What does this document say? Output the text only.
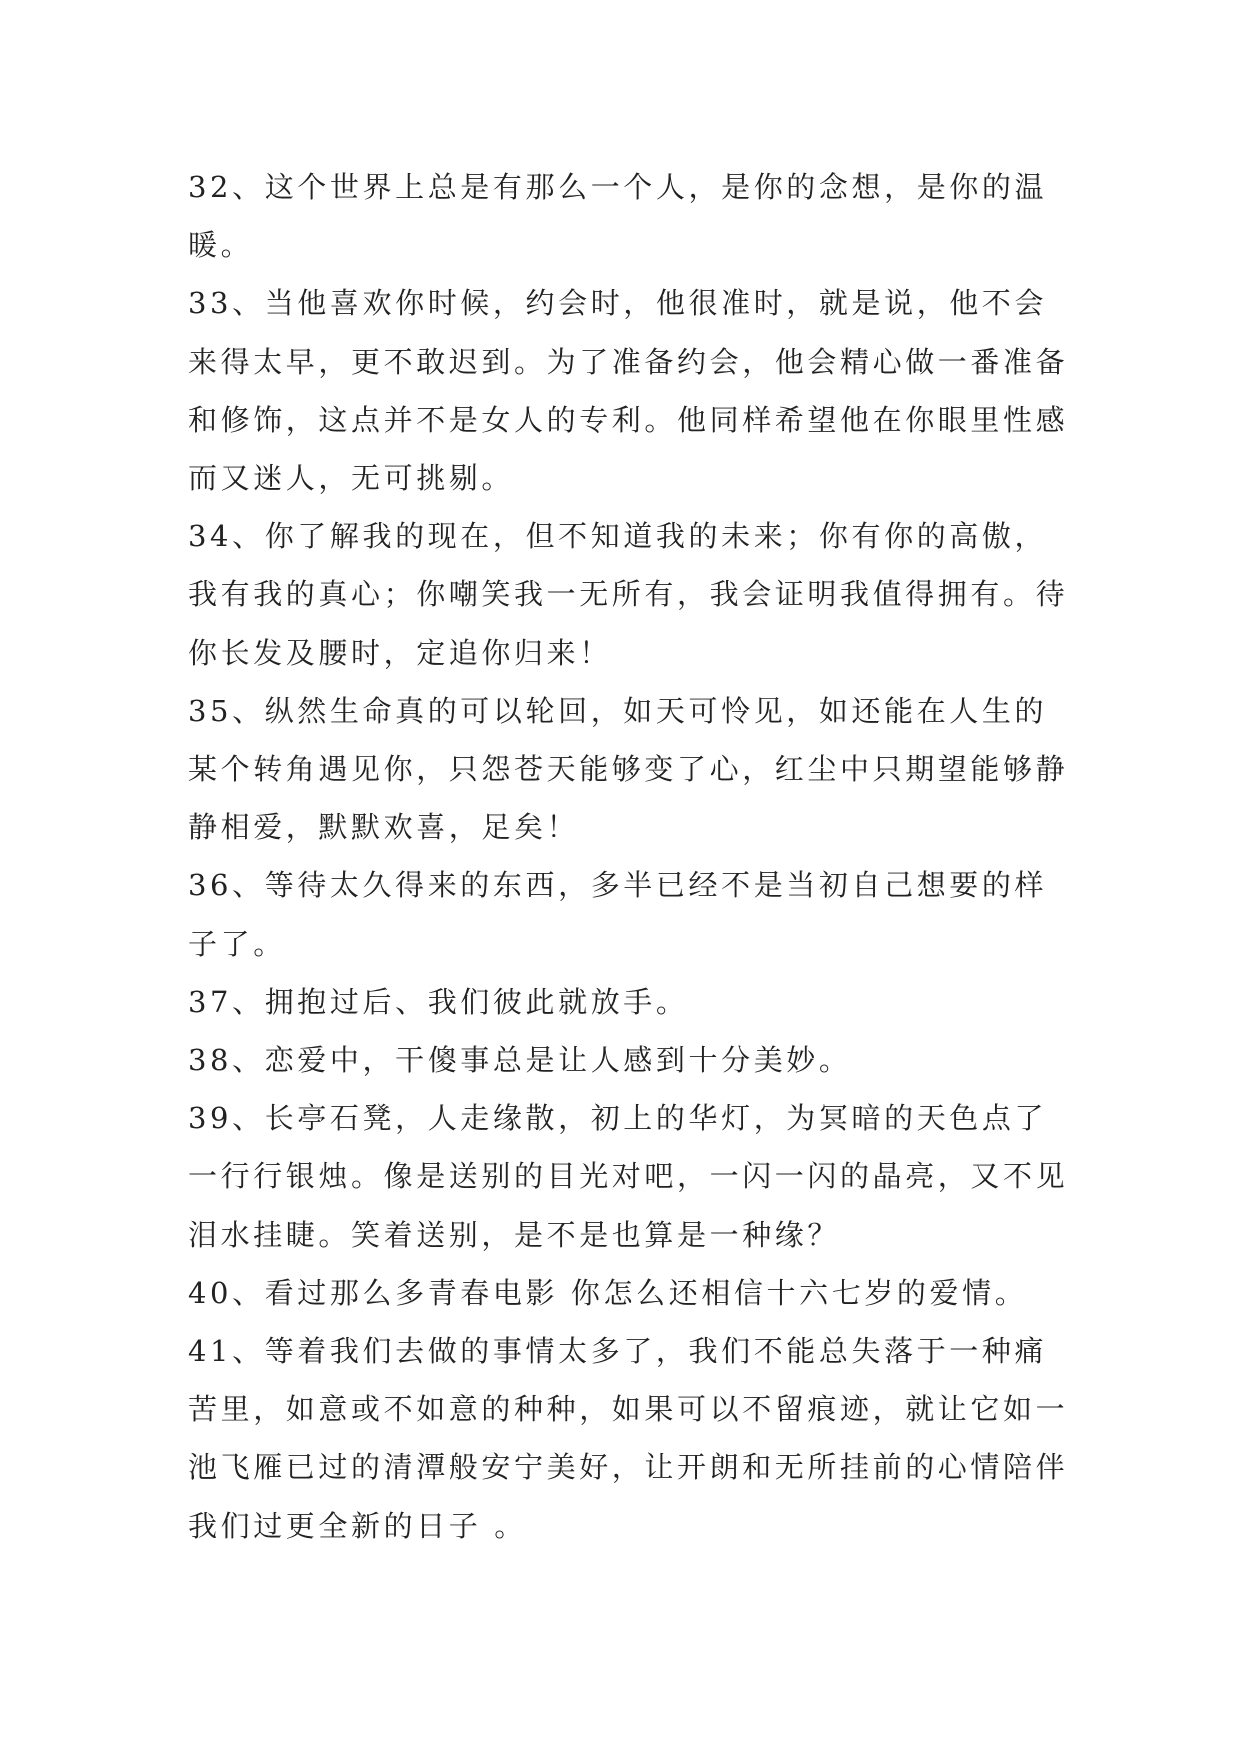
32、这个世界上总是有那么一个人，是你的念想，是你的温暖。

33、当他喜欢你时候，约会时，他很准时，就是说，他不会来得太早，更不敢迟到。为了准备约会，他会精心做一番准备和修饰，这点并不是女人的专利。他同样希望他在你眼里性感而又迷人，无可挑剔。

34、你了解我的现在，但不知道我的未来；你有你的高傲，我有我的真心；你嘲笑我一无所有，我会证明我值得拥有。待你长发及腰时，定追你归来！

35、纵然生命真的可以轮回，如天可怜见，如还能在人生的某个转角遇见你，只怨苍天能够变了心，红尘中只期望能够静静相爱，默默欢喜，足矣！

36、等待太久得来的东西，多半已经不是当初自己想要的样子了。

37、拥抱过后、我们彼此就放手。

38、恋爱中，干傻事总是让人感到十分美妙。

39、长亭石凳，人走缘散，初上的华灯，为冥暗的天色点了一行行银烛。像是送别的目光对吧，一闪一闪的晶亮，又不见泪水挂睫。笑着送别，是不是也算是一种缘？

40、看过那么多青春电影 你怎么还相信十六七岁的爱情。

41、等着我们去做的事情太多了，我们不能总失落于一种痛苦里，如意或不如意的种种，如果可以不留痕迹，就让它如一池飞雁已过的清潭般安宁美好，让开朗和无所挂前的心情陪伴我们过更全新的日子 。
